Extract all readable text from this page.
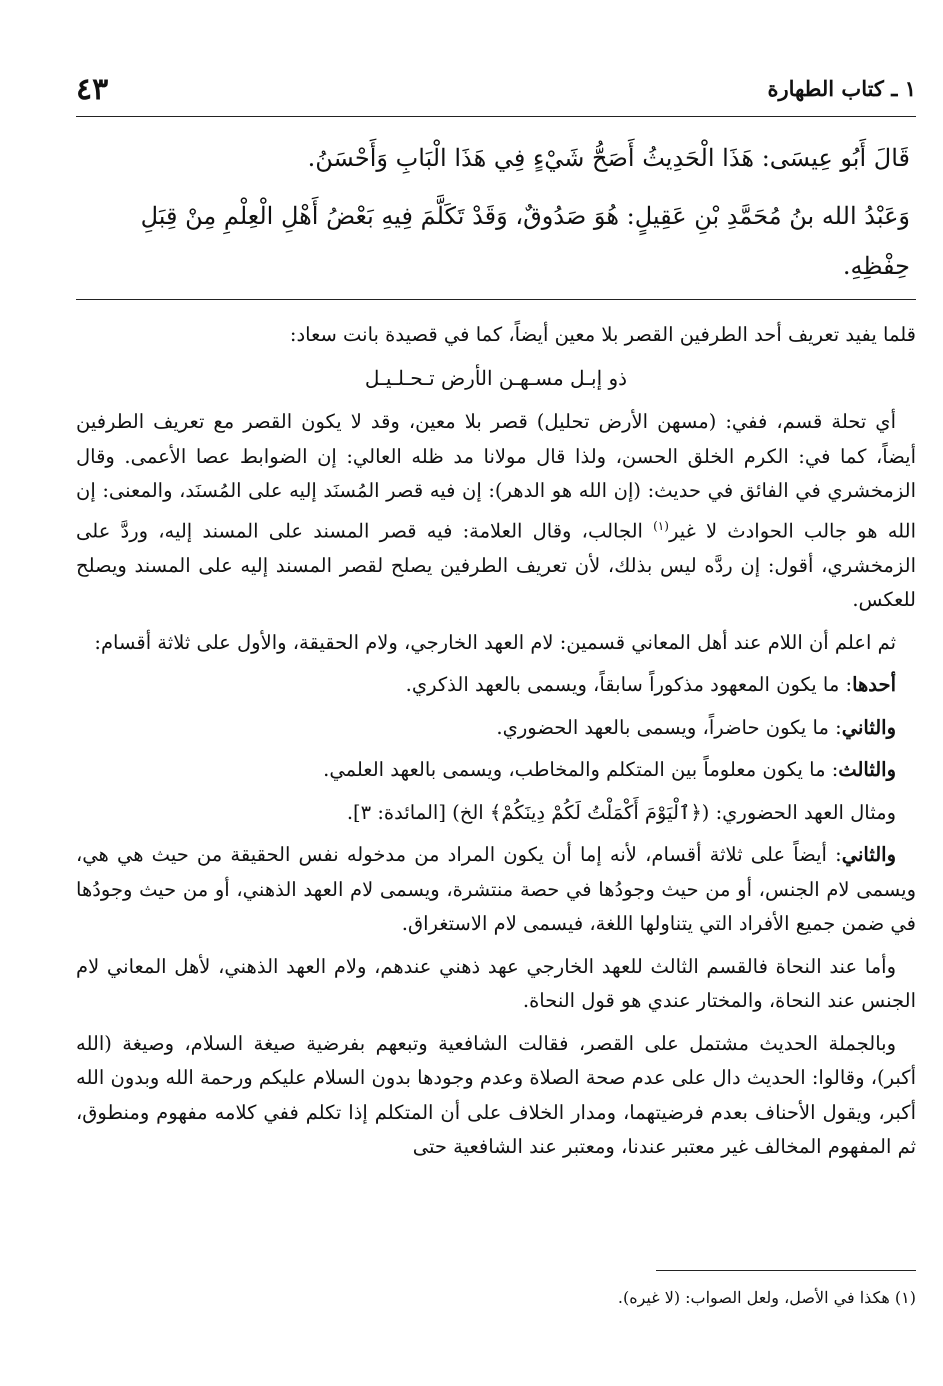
١ ـ كتاب الطهارة
٤٣

قَالَ أَبُو عِيسَى: هَذَا الْحَدِيثُ أَصَحُّ شَيْءٍ فِي هَذَا الْبَابِ وَأَحْسَنُ.

وَعَبْدُ الله بنُ مُحَمَّدِ بْنِ عَقِيلٍ: هُوَ صَدُوقٌ، وَقَدْ تَكَلَّمَ فِيهِ بَعْضُ أَهْلِ الْعِلْمِ مِنْ قِبَلِ حِفْظِهِ.

قلما يفيد تعريف أحد الطرفين القصر بلا معين أيضاً، كما في قصيدة بانت سعاد:

ذو إبـل مسـهـن الأرض تـحـلـيـل

أي تحلة قسم، ففي: (مسهن الأرض تحليل) قصر بلا معين، وقد لا يكون القصر مع تعريف الطرفين أيضاً، كما في: الكرم الخلق الحسن، ولذا قال مولانا مد ظله العالي: إن الضوابط عصا الأعمى. وقال الزمخشري في الفائق في حديث: (إن الله هو الدهر): إن فيه قصر المُسنَد إليه على المُسنَد، والمعنى: إن الله هو جالب الحوادث لا غير$^{(١)}$ الجالب، وقال العلامة: فيه قصر المسند على المسند إليه، وردَّ على الزمخشري، أقول: إن ردَّه ليس بذلك، لأن تعريف الطرفين يصلح لقصر المسند إليه على المسند ويصلح للعكس.

ثم اعلم أن اللام عند أهل المعاني قسمين: لام العهد الخارجي، ولام الحقيقة، والأول على ثلاثة أقسام:

أحدها: ما يكون المعهود مذكوراً سابقاً، ويسمى بالعهد الذكري.

والثاني: ما يكون حاضراً، ويسمى بالعهد الحضوري.

والثالث: ما يكون معلوماً بين المتكلم والمخاطب، ويسمى بالعهد العلمي.

ومثال العهد الحضوري: (﴿ٱلْيَوْمَ أَكْمَلْتُ لَكُمْ دِينَكُمْ﴾ الخ) [المائدة: ٣].

والثاني: أيضاً على ثلاثة أقسام، لأنه إما أن يكون المراد من مدخوله نفس الحقيقة من حيث هي هي، ويسمى لام الجنس، أو من حيث وجودُها في حصة منتشرة، ويسمى لام العهد الذهني، أو من حيث وجودُها في ضمن جميع الأفراد التي يتناولها اللغة، فيسمى لام الاستغراق.

وأما عند النحاة فالقسم الثالث للعهد الخارجي عهد ذهني عندهم، ولام العهد الذهني، لأهل المعاني لام الجنس عند النحاة، والمختار عندي هو قول النحاة.

وبالجملة الحديث مشتمل على القصر، فقالت الشافعية وتبعهم بفرضية صيغة السلام، وصيغة (الله أكبر)، وقالوا: الحديث دال على عدم صحة الصلاة وعدم وجودها بدون السلام عليكم ورحمة الله وبدون الله أكبر، ويقول الأحناف بعدم فرضيتهما، ومدار الخلاف على أن المتكلم إذا تكلم ففي كلامه مفهوم ومنطوق، ثم المفهوم المخالف غير معتبر عندنا، ومعتبر عند الشافعية حتى

(١) هكذا في الأصل، ولعل الصواب: (لا غيره).
